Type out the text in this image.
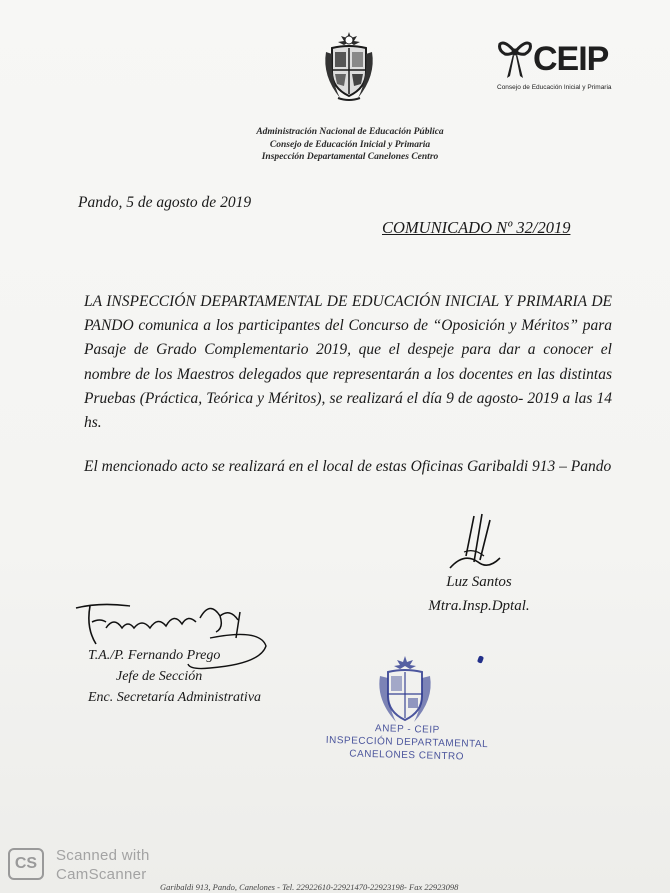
CEIP
Consejo de Educación Inicial y Primaria
Administración Nacional de Educación Pública
Consejo de Educación Inicial y Primaria
Inspección Departamental Canelones Centro
Pando, 5 de agosto de 2019
COMUNICADO Nº 32/2019

LA INSPECCIÓN DEPARTAMENTAL DE EDUCACIÓN INICIAL Y PRIMARIA DE PANDO comunica a los participantes del Concurso de “Oposición y Méritos” para Pasaje de Grado Complementario 2019, que el despeje para dar a conocer el nombre de los Maestros delegados que representarán a los docentes en las distintas Pruebas (Práctica, Teórica y Méritos), se realizará el día 9 de agosto- 2019 a las 14 hs.

El mencionado acto se realizará en el local de estas Oficinas Garibaldi 913 – Pando

Luz Santos
Mtra.Insp.Dptal.
T.A./P. Fernando Prego
Jefe de Sección
Enc. Secretaría Administrativa
ANEP - CEIP
INSPECCIÓN DEPARTAMENTAL
CANELONES CENTRO
CS	Scanned with
CamScanner
Garibaldi 913, Pando, Canelones - Tel. 22922610-22921470-22923198- Fax 22923098
